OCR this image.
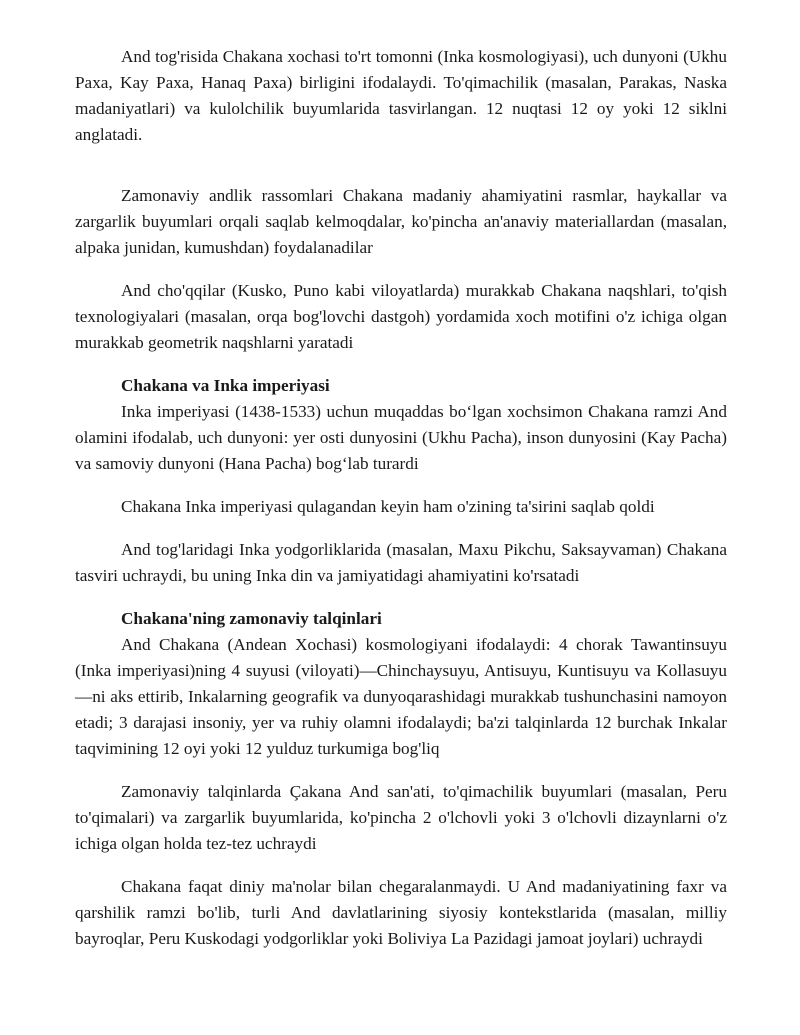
And tog'risida Chakana xochasi to'rt tomonni (Inka kosmologiyasi), uch dunyoni (Ukhu Paxa, Kay Paxa, Hanaq Paxa) birligini ifodalaydi. To'qimachilik (masalan, Parakas, Naska madaniyatlari) va kulolchilik buyumlarida tasvirlangan. 12 nuqtasi 12 oy yoki 12 siklni anglatadi.

Zamonaviy andlik rassomlari Chakana madaniy ahamiyatini rasmlar, haykallar va zargarlik buyumlari orqali saqlab kelmoqdalar, ko'pincha an'anaviy materiallardan (masalan, alpaka junidan, kumushdan) foydalanadilar

And cho'qqilar (Kusko, Puno kabi viloyatlarda) murakkab Chakana naqshlari, to'qish texnologiyalari (masalan, orqa bog'lovchi dastgoh) yordamida xoch motifini o'z ichiga olgan murakkab geometrik naqshlarni yaratadi

Chakana va Inka imperiyasi

Inka imperiyasi (1438-1533) uchun muqaddas bo‘lgan xochsimon Chakana ramzi And olamini ifodalab, uch dunyoni: yer osti dunyosini (Ukhu Pacha), inson dunyosini (Kay Pacha) va samoviy dunyoni (Hana Pacha) bog‘lab turardi

Chakana Inka imperiyasi qulagandan keyin ham o'zining ta'sirini saqlab qoldi

And tog'laridagi Inka yodgorliklarida (masalan, Maxu Pikchu, Saksayvaman) Chakana tasviri uchraydi, bu uning Inka din va jamiyatidagi ahamiyatini ko'rsatadi

Chakana'ning zamonaviy talqinlari

And Chakana (Andean Xochasi) kosmologiyani ifodalaydi: 4 chorak Tawantinsuyu (Inka imperiyasi)ning 4 suyusi (viloyati)—Chinchaysuyu, Antisuyu, Kuntisuyu va Kollasuyu—ni aks ettirib, Inkalarning geografik va dunyoqarashidagi murakkab tushunchasini namoyon etadi; 3 darajasi insoniy, yer va ruhiy olamni ifodalaydi; ba'zi talqinlarda 12 burchak Inkalar taqvimining 12 oyi yoki 12 yulduz turkumiga bog'liq

Zamonaviy talqinlarda Çakana And san'ati, to'qimachilik buyumlari (masalan, Peru to'qimalari) va zargarlik buyumlarida, ko'pincha 2 o'lchovli yoki 3 o'lchovli dizaynlarni o'z ichiga olgan holda tez-tez uchraydi

Chakana faqat diniy ma'nolar bilan chegaralanmaydi. U And madaniyatining faxr va qarshilik ramzi bo'lib, turli And davlatlarining siyosiy kontekstlarida (masalan, milliy bayroqlar, Peru Kuskodagi yodgorliklar yoki Boliviya La Pazidagi jamoat joylari) uchraydi
